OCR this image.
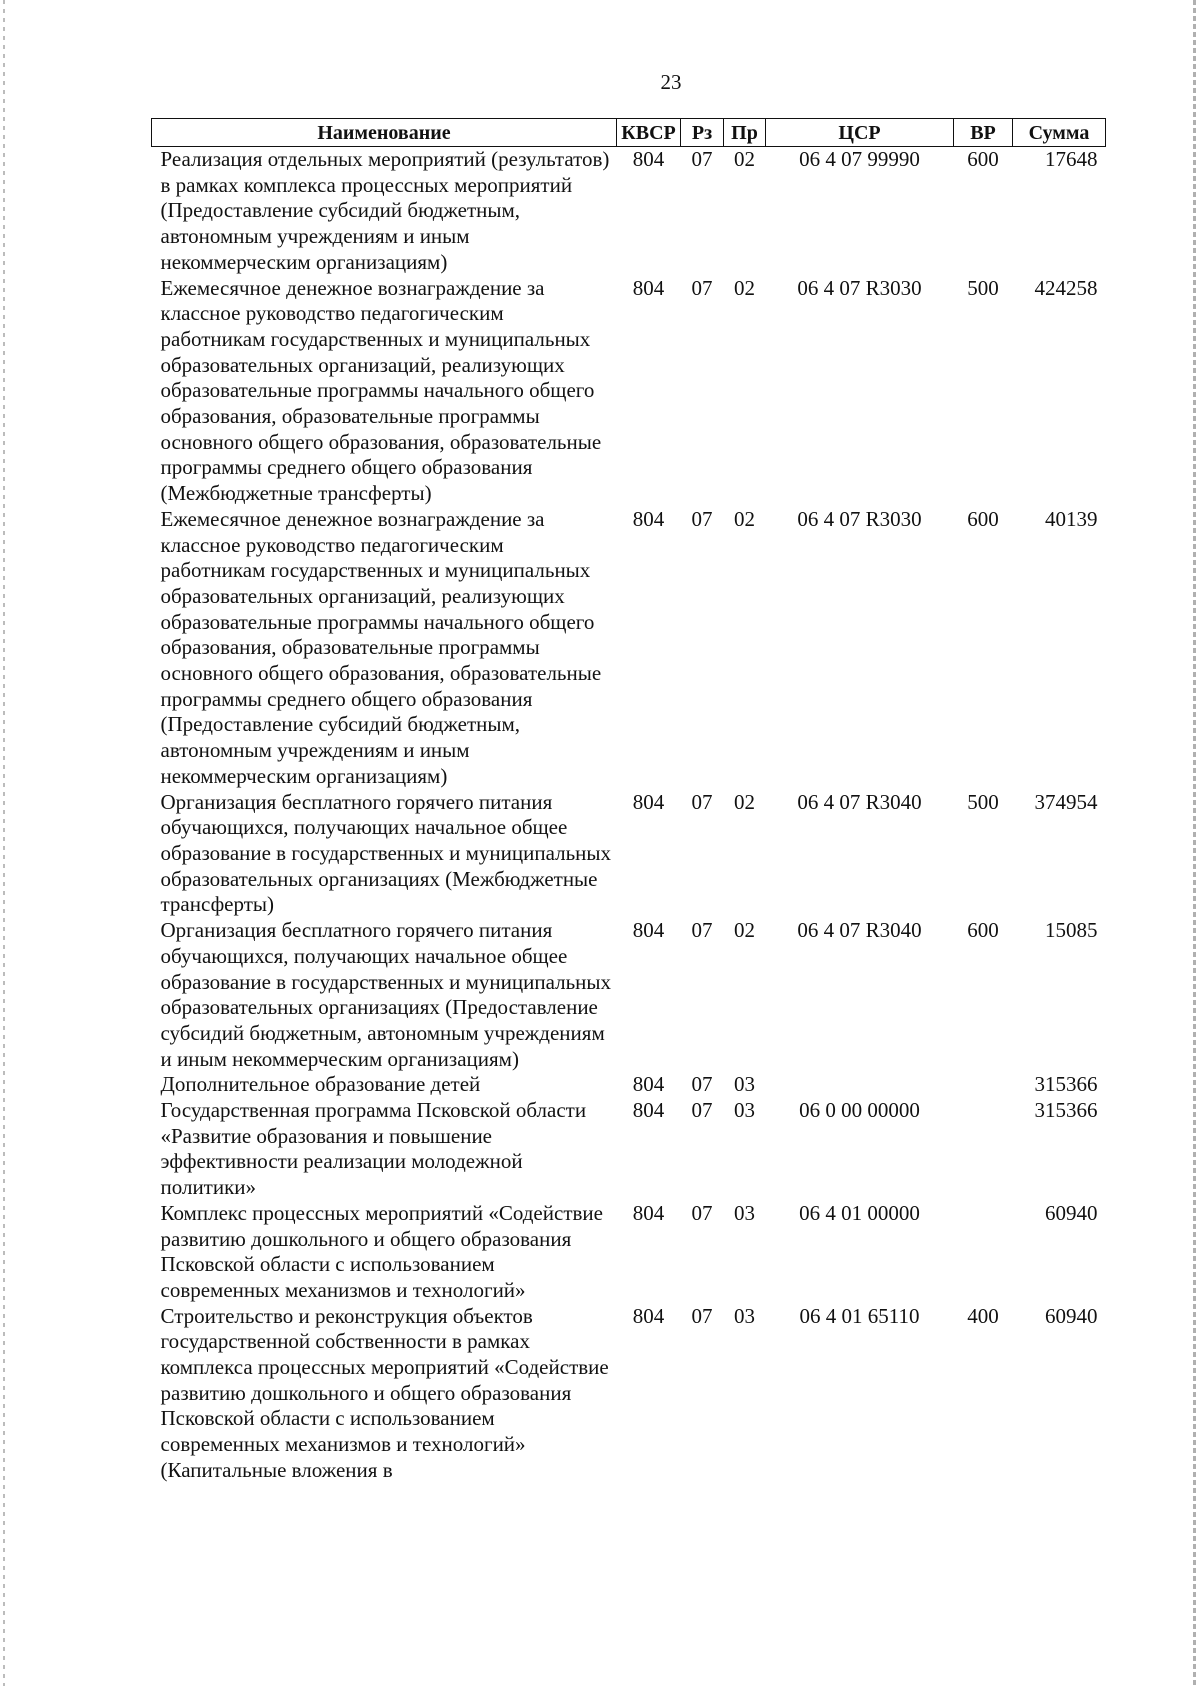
23
Наименование	КВСР	Рз	Пр	ЦСР	ВР	Сумма
Реализация отдельных мероприятий (результатов) в рамках комплекса процессных мероприятий (Предоставление субсидий бюджетным, автономным учреждениям и иным некоммерческим организациям)	804	07	02	06 4 07 99990	600	17648
Ежемесячное денежное вознаграждение за классное руководство педагогическим работникам государственных и муниципальных образовательных организаций, реализующих образовательные программы начального общего образования, образовательные программы основного общего образования, образовательные программы среднего общего образования (Межбюджетные трансферты)	804	07	02	06 4 07 R3030	500	424258
Ежемесячное денежное вознаграждение за классное руководство педагогическим работникам государственных и муниципальных образовательных организаций, реализующих образовательные программы начального общего образования, образовательные программы основного общего образования, образовательные программы среднего общего образования (Предоставление субсидий бюджетным, автономным учреждениям и иным некоммерческим организациям)	804	07	02	06 4 07 R3030	600	40139
Организация бесплатного горячего питания обучающихся, получающих начальное общее образование в государственных и муниципальных образовательных организациях (Межбюджетные трансферты)	804	07	02	06 4 07 R3040	500	374954
Организация бесплатного горячего питания обучающихся, получающих начальное общее образование в государственных и муниципальных образовательных организациях (Предоставление субсидий бюджетным, автономным учреждениям и иным некоммерческим организациям)	804	07	02	06 4 07 R3040	600	15085
Дополнительное образование детей	804	07	03			315366
Государственная программа Псковской области «Развитие образования и повышение эффективности реализации молодежной политики»	804	07	03	06 0 00 00000		315366
Комплекс процессных мероприятий «Содействие развитию дошкольного и общего образования Псковской области с использованием современных механизмов и технологий»	804	07	03	06 4 01 00000		60940
Строительство и реконструкция объектов государственной собственности в рамках комплекса процессных мероприятий «Содействие развитию дошкольного и общего образования Псковской области с использованием современных механизмов и технологий» (Капитальные вложения в	804	07	03	06 4 01 65110	400	60940
